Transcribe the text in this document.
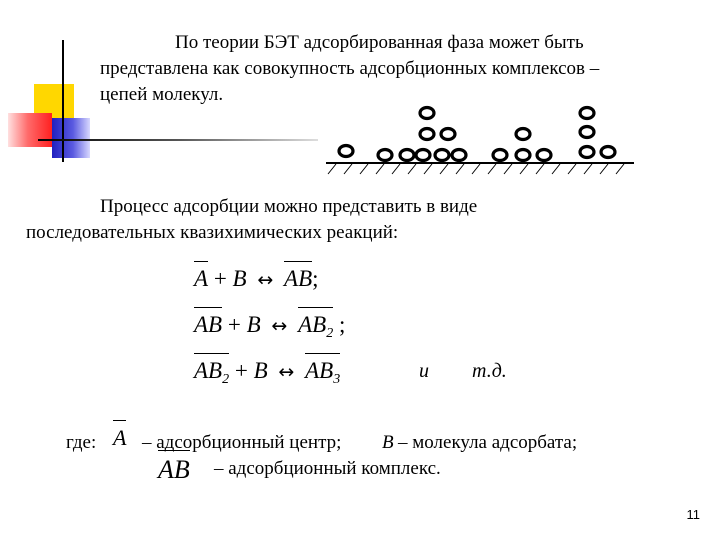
По теории БЭТ адсорбированная фаза может быть
представлена как совокупность адсорбционных комплексов –
цепей молекул.
Процесс адсорбции можно представить в виде
последовательных квазихимических реакций:
A + B ↔ AB;
AB + B ↔ $AB_2$ ;
$AB_2 + B$ ↔ $AB_3$	и т.д.
где: A – адсорбционный центр; B – молекула адсорбата;
AB – адсорбционный комплекс.
11
